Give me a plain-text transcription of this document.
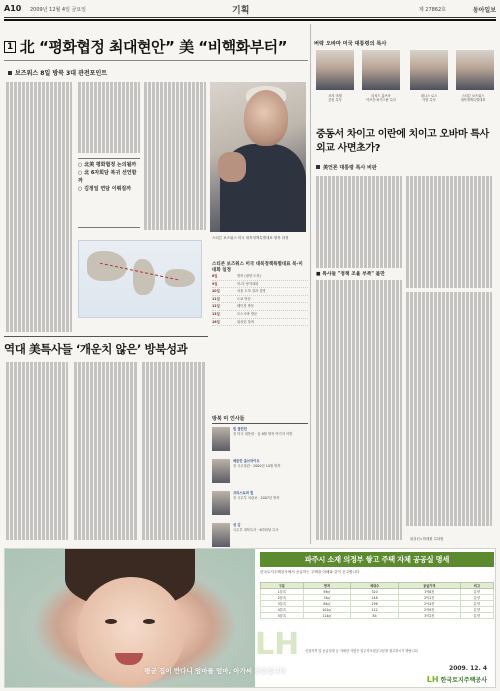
A10 2009년 12월 4일 금요일	기획	제 27862호	동아일보
1 北 “평화협정 최대현안” 美 “비핵화부터”
보즈워스 8일 방북 3대 관전포인트
○ 北美 평화협정 논의될까
○ 北 6자회담 복귀 선언할까
○ 김정일 면담 이뤄질까
스티븐 보즈워스 미국 대북정책특별대표 방북 과정
스티븐 보즈워스 미국 대북정책특별대표 북-미 대화 일정
8일	방북 (평양 도착)
9일	북-미 양자대화
10일	서울 도착 결과 설명
11일	도쿄 방문
12일	베이징 방문
13일	모스크바 방문
16일	워싱턴 복귀
방북 미 인사들
빌 클린턴
전 미국 대통령 · 올 8월 방북 여기자 석방
매들린 올브라이트
전 국무장관 · 2000년 10월 방북
크리스토퍼 힐
전 국무부 차관보 · 2007년 방북
성 김
국무부 대북특사 · 6자회담 특사
역대 美특사들 ‘개운치 않은’ 방북성과
버락 오바마 미국 대통령의 특사
조지 미첼
중동 특사
리처드 홀브룩
아프간·파키스탄 특사
데니스 로스
이란 특사
스티븐 보즈워스
대북정책특별대표
중동서 차이고 이란에 치이고 오바마 특사외교 사면초가?
美언론 대통령 특사 비판
■ 특사들 "정책 조율 부족" 불만
워싱턴=하태원 특파원
평균 집이 반다니 엄마를 엄마, 아가씨 웃음입니다
LH
파주시 소재 의정부 쌓고 주택 자체 공공실 명세
한국토지주택공사에서 공급하는 주택을 아래와 같이 공고합니다
구분	면적	세대수	공급가격	비고
1블록	59㎡	320	1억8천	분양
2블록	74㎡	248	2억1천	분양
3블록	84㎡	196	2억4천	분양
4블록	101㎡	112	2억9천	분양
5블록	114㎡	84	3억2천	분양
신청자격 및 공급일정 등 자세한 사항은 입주자모집공고문을 참고하시기 바랍니다
2009. 12. 4
LH 한국토지주택공사
